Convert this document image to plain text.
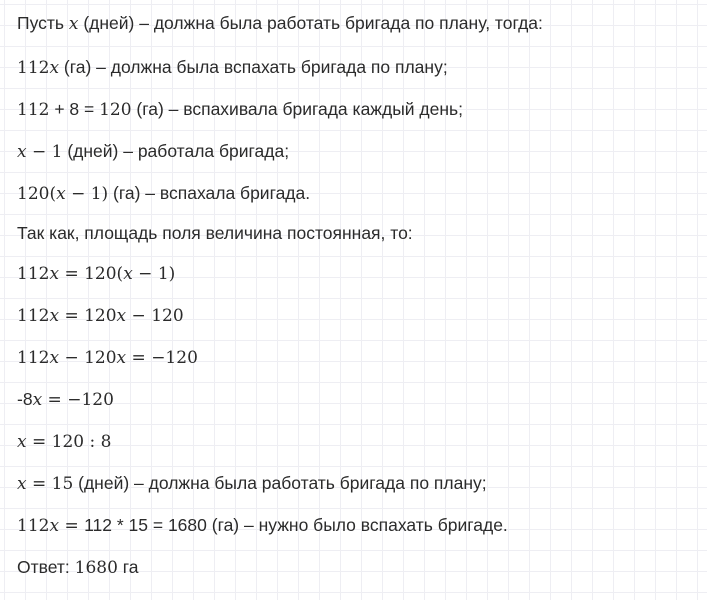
Пусть x (дней) – должна была работать бригада по плану, тогда:
112x (га) – должна была вспахать бригада по плану;
112 + 8 = 120 (га) – вспахивала бригада каждый день;
x − 1 (дней) – работала бригада;
120(x − 1) (га) – вспахала бригада.
Так как, площадь поля величина постоянная, то:
112x = 120(x − 1)
112x = 120x − 120
112x − 120x = −120
-8x = −120
x = 120 : 8
x = 15 (дней) – должна была работать бригада по плану;
112x = 112 * 15 = 1680 (га) – нужно было вспахать бригаде.
Ответ: 1680 га
